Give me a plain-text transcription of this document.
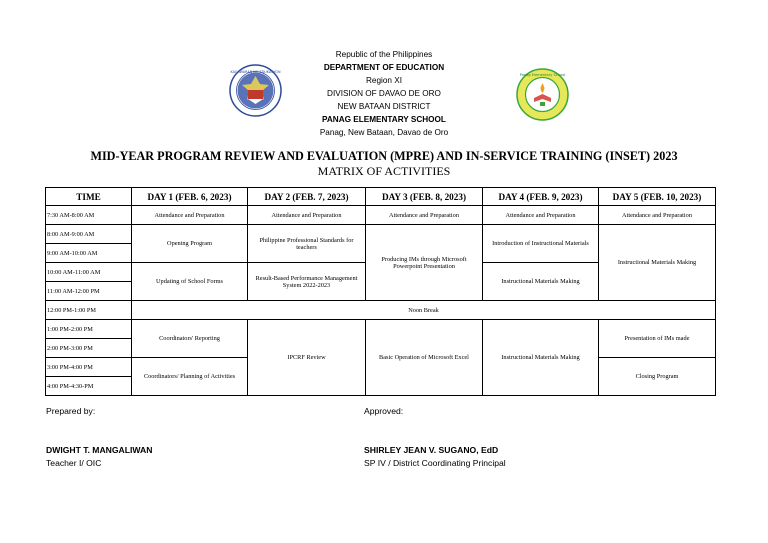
KAGAWARAN NG EDUKASYON
Republic of the Philippines
DEPARTMENT OF EDUCATION
Region XI
DIVISION OF DAVAO DE ORO
NEW BATAAN DISTRICT
PANAG ELEMENTARY SCHOOL
Panag, New Bataan, Davao de Oro
Panag Elementary School
MID-YEAR PROGRAM REVIEW AND EVALUATION (MPRE) AND IN-SERVICE TRAINING (INSET) 2023
MATRIX OF ACTIVITIES
TIME	DAY 1 (FEB. 6, 2023)	DAY 2 (FEB. 7, 2023)	DAY 3 (FEB. 8, 2023)	DAY 4 (FEB. 9, 2023)	DAY 5 (FEB. 10, 2023)
7:30 AM-8:00 AM	Attendance and Preparation	Attendance and Preparation	Attendance and Preparation	Attendance and Preparation	Attendance and Preparation
8:00 AM-9:00 AM	Opening Program	Philippine Professional Standards for teachers	Producing IMs through Microsoft Powerpoint Presentation	Introduction of Instructional Materials	Instructional Materials Making
9:00 AM-10:00 AM					
10:00 AM-11:00 AM	Updating of School Forms	Result-Based Performance Management System 2022-2023		Instructional Materials Making	
11:00 AM-12:00 PM					
12:00 PM-1:00 PM	Noon Break				
1:00 PM-2:00 PM	Coordinators' Reporting	IPCRF Review	Basic Operation of Microsoft Excel	Instructional Materials Making	Presentation of IMs made
2:00 PM-3:00 PM					
3:00 PM-4:00 PM	Coordinators/ Planning of Activities				Closing Program
4:00 PM-4:30-PM					
Prepared by:
DWIGHT T. MANGALIWAN
Teacher I/ OIC
Approved:
SHIRLEY JEAN V. SUGANO, EdD
SP IV / District Coordinating Principal
